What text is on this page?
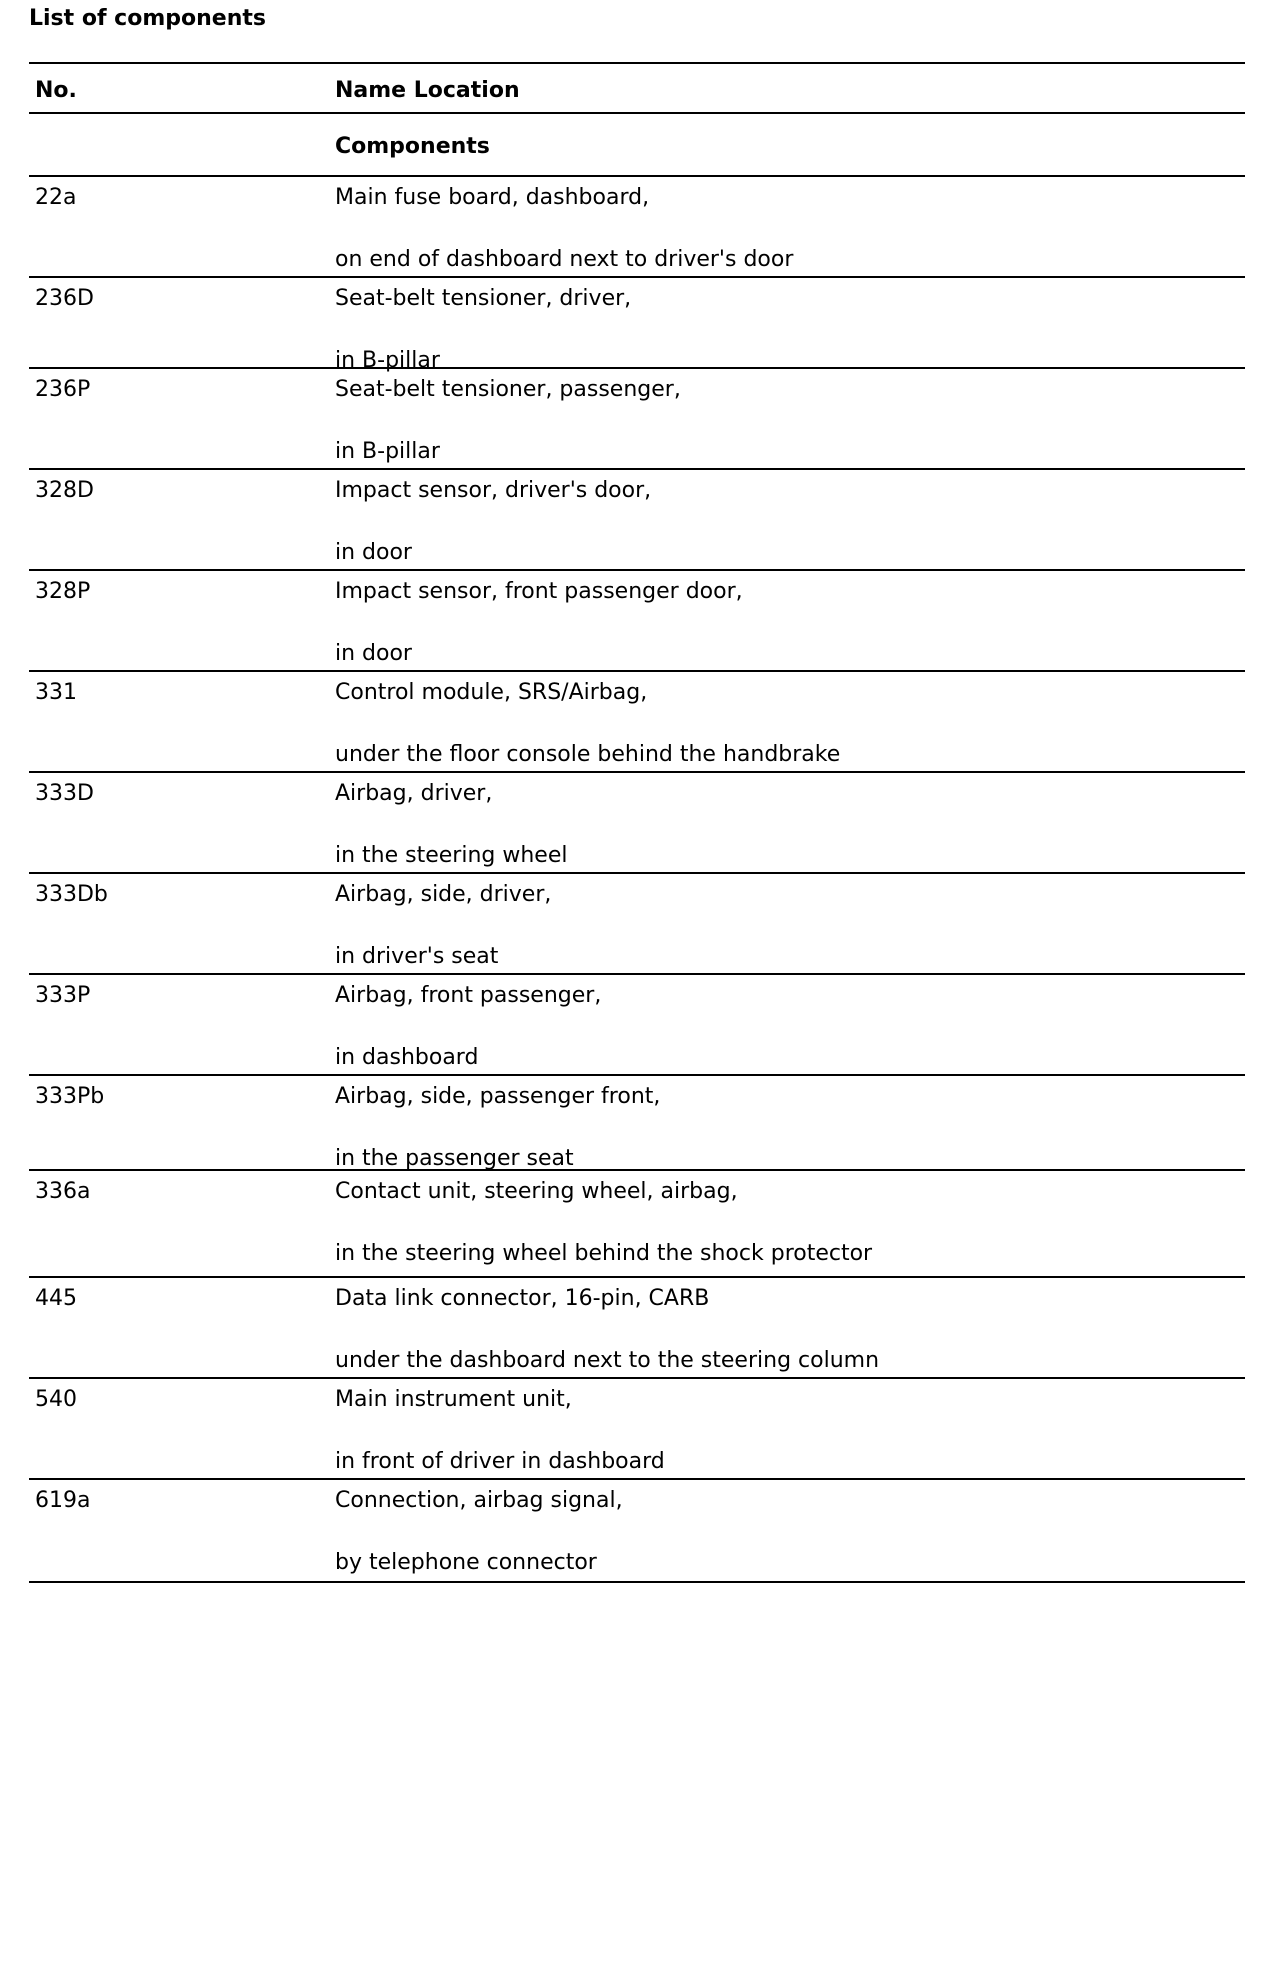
List of components
No.	Name Location
Components
22a	Main fuse board, dashboard,
on end of dashboard next to driver's door
236D	Seat-belt tensioner, driver,
in B-pillar
236P	Seat-belt tensioner, passenger,
in B-pillar
328D	Impact sensor, driver's door,
in door
328P	Impact sensor, front passenger door,
in door
331	Control module, SRS/Airbag,
under the floor console behind the handbrake
333D	Airbag, driver,
in the steering wheel
333Db	Airbag, side, driver,
in driver's seat
333P	Airbag, front passenger,
in dashboard
333Pb	Airbag, side, passenger front,
in the passenger seat
336a	Contact unit, steering wheel, airbag,
in the steering wheel behind the shock protector
445	Data link connector, 16-pin, CARB
under the dashboard next to the steering column
540	Main instrument unit,
in front of driver in dashboard
619a	Connection, airbag signal,
by telephone connector
